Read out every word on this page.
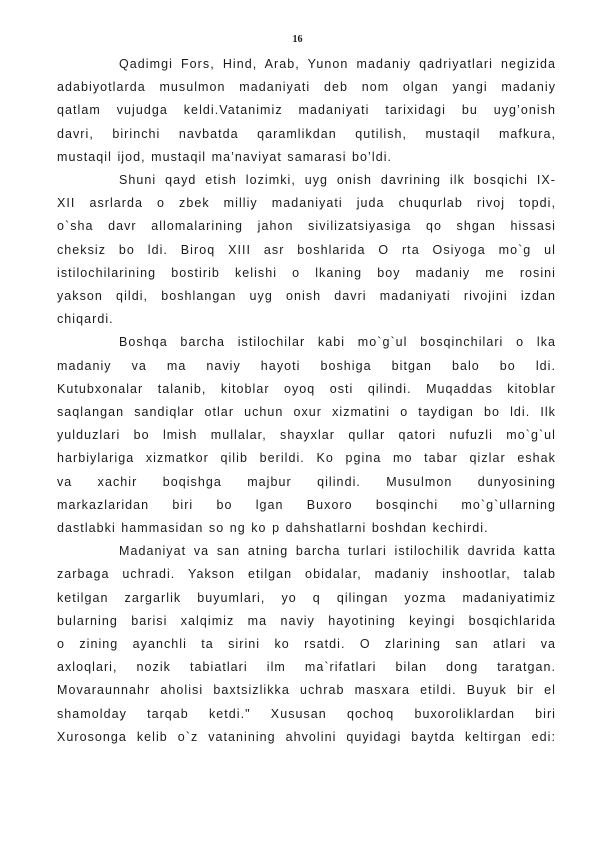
16

Qadimgi Fors, Hind, Arab, Yunon madaniy qadriyatlari negizida
adabiyotlarda musulmon madaniyati deb nom olgan yangi madaniy
qatlam vujudga keldi.Vatanimiz madaniyati tarixidagi bu uyg’onish
davri, birinchi navbatda qaramlikdan qutilish, mustaqil mafkura,
mustaqil ijod, mustaqil ma’naviyat samarasi bo’ldi.

Shuni qayd etish lozimki, uyg onish davrining ilk bosqichi IX-
XII asrlarda o zbek milliy madaniyati juda chuqurlab rivoj topdi,
o`sha davr allomalarining jahon sivilizatsiyasiga qo shgan hissasi
cheksiz bo ldi. Biroq XIII asr boshlarida O rta Osiyoga mo`g ul
istilochilarining bostirib kelishi o lkaning boy madaniy me rosini
yakson qildi, boshlangan uyg onish davri madaniyati rivojini izdan
chiqardi.

Boshqa barcha istilochilar kabi mo`g`ul bosqinchilari o lka
madaniy va ma naviy hayoti boshiga bitgan balo bo ldi.
Kutubxonalar talanib, kitoblar oyoq osti qilindi. Muqaddas kitoblar
saqlangan sandiqlar otlar uchun oxur xizmatini o taydigan bo ldi. Ilk
yulduzlari bo lmish mullalar, shayxlar qullar qatori nufuzli mo`g`ul
harbiylariga xizmatkor qilib berildi. Ko pgina mo tabar qizlar eshak
va xachir boqishga majbur qilindi. Musulmon dunyosining
markazlaridan biri bo lgan Buxoro bosqinchi mo`g`ullarning
dastlabki hammasidan so ng ko p dahshatlarni boshdan kechirdi.

Madaniyat va san atning barcha turlari istilochilik davrida katta
zarbaga uchradi. Yakson etilgan obidalar, madaniy inshootlar, talab
ketilgan zargarlik buyumlari, yo q qilingan yozma madaniyatimiz
bularning barisi xalqimiz ma naviy hayotining keyingi bosqichlarida
o zining ayanchli ta sirini ko rsatdi. O zlarining san atlari va
axloqlari, nozik tabiatlari ilm ma`rifatlari bilan dong taratgan.
Movaraunnahr aholisi baxtsizlikka uchrab masxara etildi. Buyuk bir el
shamolday tarqab ketdi." Xususan qochoq buxoroliklardan biri
Xurosonga kelib o`z vatanining ahvolini quyidagi baytda keltirgan edi:
